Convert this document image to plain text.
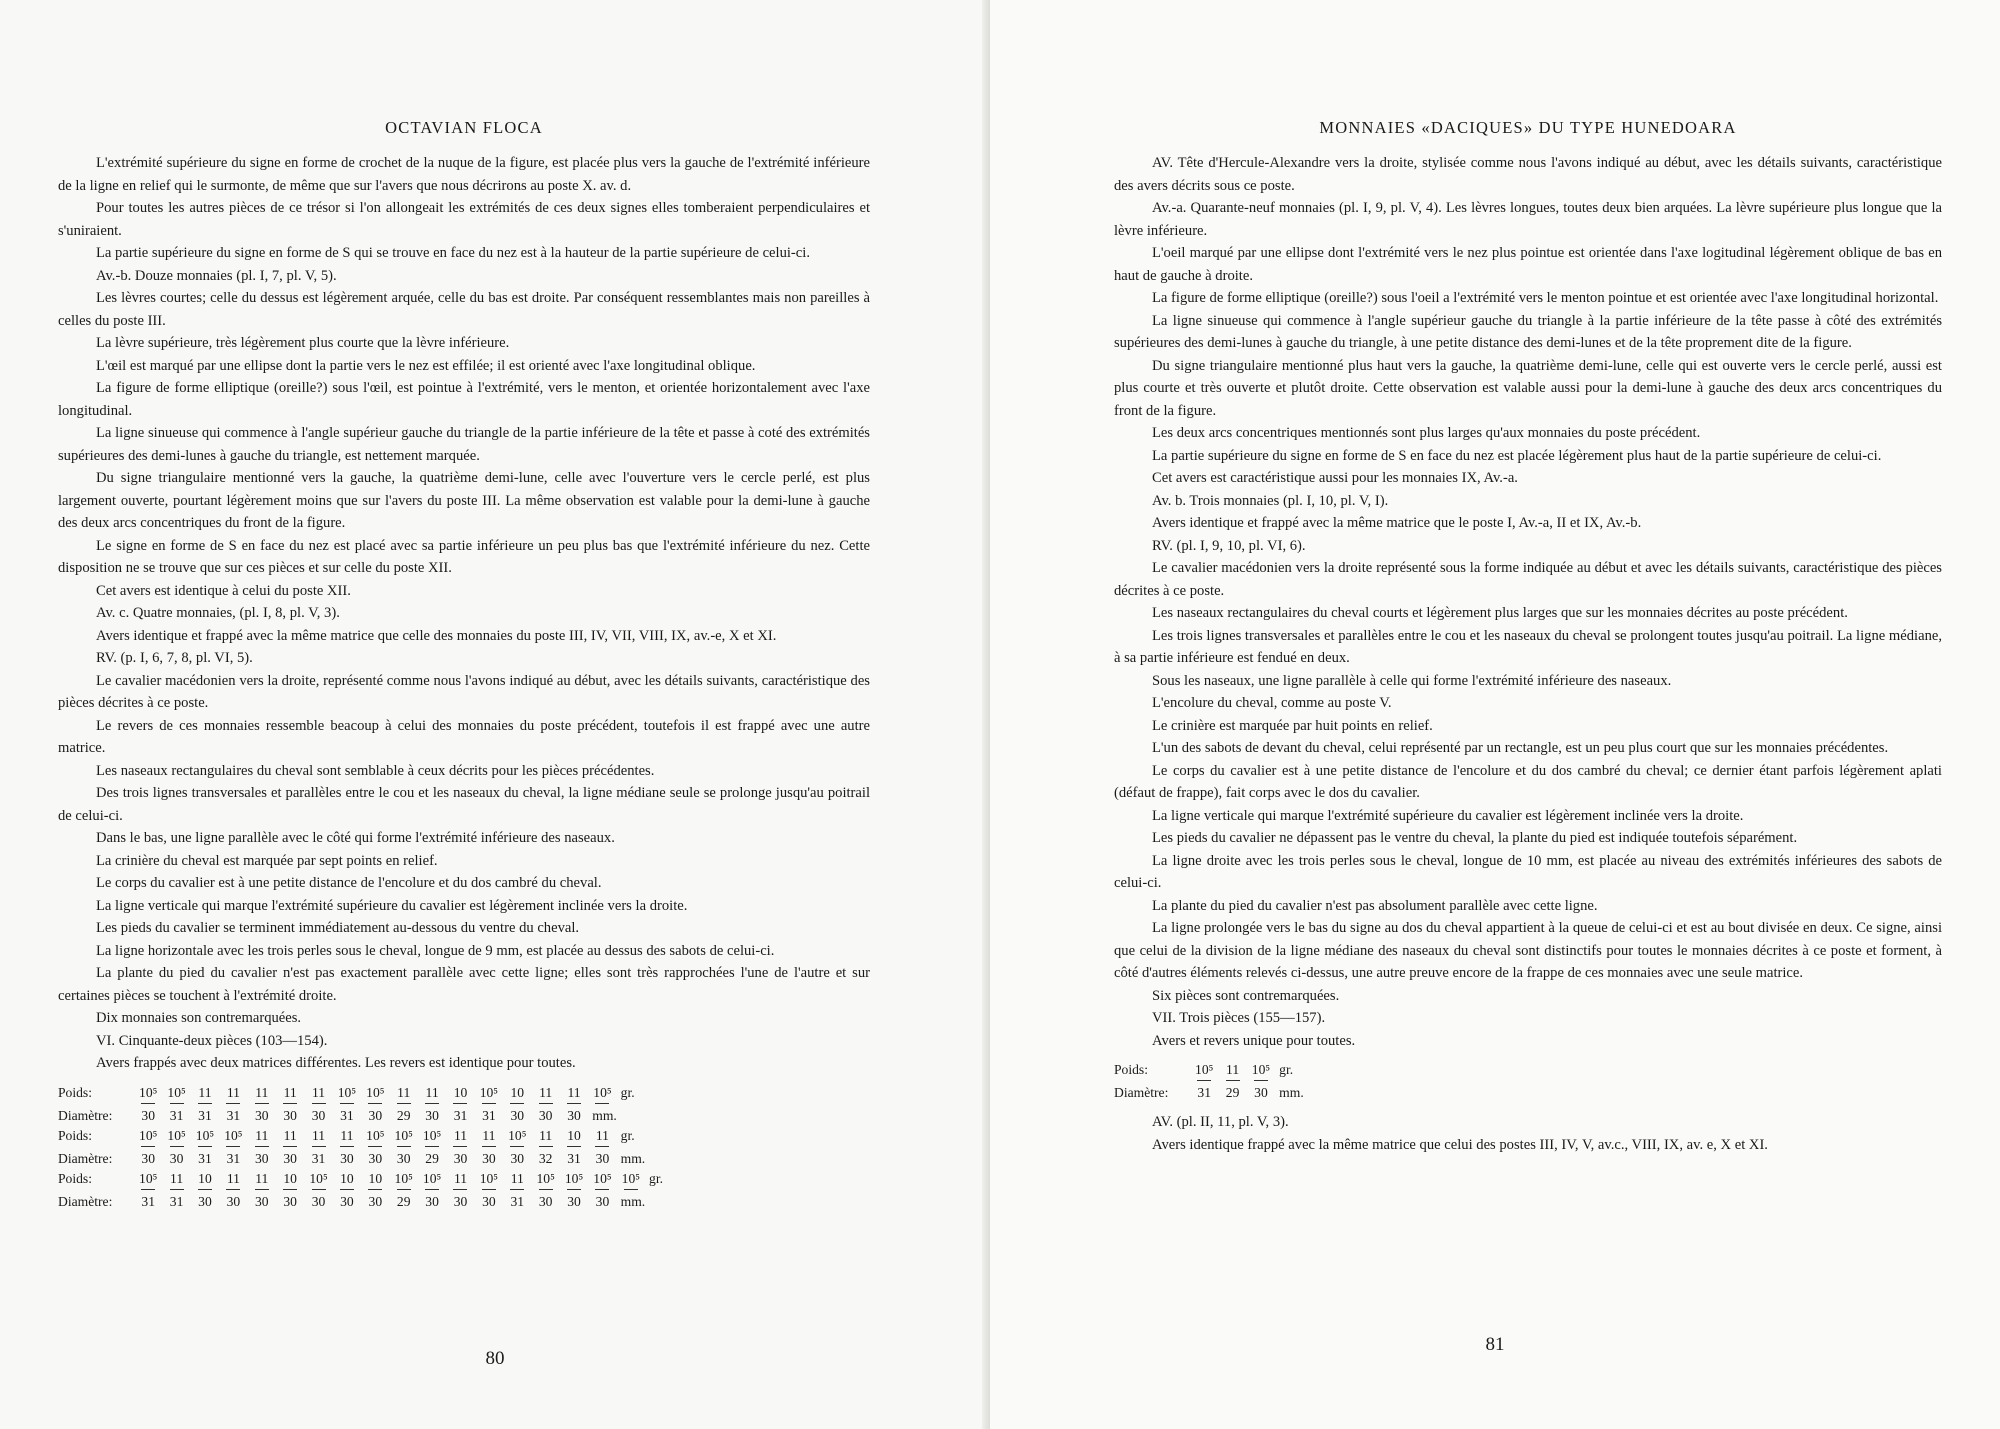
OCTAVIAN FLOCA

L'extrémité supérieure du signe en forme de crochet de la nuque de la figure, est placée plus vers la gauche de l'extrémité inférieure de la ligne en relief qui le surmonte, de même que sur l'avers que nous décrirons au poste X. av. d.

Pour toutes les autres pièces de ce trésor si l'on allongeait les extrémités de ces deux signes elles tomberaient perpendiculaires et s'uniraient.

La partie supérieure du signe en forme de S qui se trouve en face du nez est à la hauteur de la partie supérieure de celui-ci.

Av.-b. Douze monnaies (pl. I, 7, pl. V, 5).

Les lèvres courtes; celle du dessus est légèrement arquée, celle du bas est droite. Par conséquent ressemblantes mais non pareilles à celles du poste III.

La lèvre supérieure, très légèrement plus courte que la lèvre inférieure.

L'œil est marqué par une ellipse dont la partie vers le nez est effilée; il est orienté avec l'axe longitudinal oblique.

La figure de forme elliptique (oreille?) sous l'œil, est pointue à l'extrémité, vers le menton, et orientée horizontalement avec l'axe longitudinal.

La ligne sinueuse qui commence à l'angle supérieur gauche du triangle de la partie inférieure de la tête et passe à coté des extrémités supérieures des demi-lunes à gauche du triangle, est nettement marquée.

Du signe triangulaire mentionné vers la gauche, la quatrième demi-lune, celle avec l'ouverture vers le cercle perlé, est plus largement ouverte, pourtant légèrement moins que sur l'avers du poste III. La même observation est valable pour la demi-lune à gauche des deux arcs concentriques du front de la figure.

Le signe en forme de S en face du nez est placé avec sa partie inférieure un peu plus bas que l'extrémité inférieure du nez. Cette disposition ne se trouve que sur ces pièces et sur celle du poste XII.

Cet avers est identique à celui du poste XII.

Av. c. Quatre monnaies, (pl. I, 8, pl. V, 3).

Avers identique et frappé avec la même matrice que celle des monnaies du poste III, IV, VII, VIII, IX, av.-e, X et XI.

RV. (p. I, 6, 7, 8, pl. VI, 5).

Le cavalier macédonien vers la droite, représenté comme nous l'avons indiqué au début, avec les détails suivants, caractéristique des pièces décrites à ce poste.

Le revers de ces monnaies ressemble beacoup à celui des monnaies du poste précédent, toutefois il est frappé avec une autre matrice.

Les naseaux rectangulaires du cheval sont semblable à ceux décrits pour les pièces précédentes.

Des trois lignes transversales et parallèles entre le cou et les naseaux du cheval, la ligne médiane seule se prolonge jusqu'au poitrail de celui-ci.

Dans le bas, une ligne parallèle avec le côté qui forme l'extrémité inférieure des naseaux.

La crinière du cheval est marquée par sept points en relief.

Le corps du cavalier est à une petite distance de l'encolure et du dos cambré du cheval.

La ligne verticale qui marque l'extrémité supérieure du cavalier est légèrement inclinée vers la droite.

Les pieds du cavalier se terminent immédiatement au-dessous du ventre du cheval.

La ligne horizontale avec les trois perles sous le cheval, longue de 9 mm, est placée au dessus des sabots de celui-ci.

La plante du pied du cavalier n'est pas exactement parallèle avec cette ligne; elles sont très rapprochées l'une de l'autre et sur certaines pièces se touchent à l'extrémité droite.

Dix monnaies son contremarquées.

VI. Cinquante-deux pièces (103—154).

Avers frappés avec deux matrices différentes. Les revers est identique pour toutes.

Poids:	10⁵ 10⁵ 11	11	11	11	11 10⁵ 10⁵ 11	11	10 10⁵ 10	11	11 10⁵ gr.
Diamètre:	30	31	31	31	30	30	30	31	30	29	30	31	31	30	30	30 mm.
Poids:	10⁵ 10⁵ 10⁵ 10⁵ 11	11	11	11 10⁵ 10⁵ 10⁵ 11	11 10⁵ 11	10	11 gr.
Diamètre:	30	30	31	31	30	30	31	30	30	30	29	30	30	30	32	31	30 mm.
Poids:	10⁵ 11	10	11	11	10 10⁵ 10	10 10⁵ 10⁵ 11 10⁵ 11 10⁵ 10⁵ 10⁵ 10⁵ gr.
Diamètre:	31	31	30	30	30	30	30	30	30	29	30	30	30	31	30	30	30 mm.
80
MONNAIES «DACIQUES» DU TYPE HUNEDOARA

AV. Tête d'Hercule-Alexandre vers la droite, stylisée comme nous l'avons indiqué au début, avec les détails suivants, caractéristique des avers décrits sous ce poste.

Av.-a. Quarante-neuf monnaies (pl. I, 9, pl. V, 4). Les lèvres longues, toutes deux bien arquées. La lèvre supérieure plus longue que la lèvre inférieure.

L'oeil marqué par une ellipse dont l'extrémité vers le nez plus pointue est orientée dans l'axe logitudinal légèrement oblique de bas en haut de gauche à droite.

La figure de forme elliptique (oreille?) sous l'oeil a l'extrémité vers le menton pointue et est orientée avec l'axe longitudinal horizontal.

La ligne sinueuse qui commence à l'angle supérieur gauche du triangle à la partie inférieure de la tête passe à côté des extrémités supérieures des demi-lunes à gauche du triangle, à une petite distance des demi-lunes et de la tête proprement dite de la figure.

Du signe triangulaire mentionné plus haut vers la gauche, la quatrième demi-lune, celle qui est ouverte vers le cercle perlé, aussi est plus courte et très ouverte et plutôt droite. Cette observation est valable aussi pour la demi-lune à gauche des deux arcs concentriques du front de la figure.

Les deux arcs concentriques mentionnés sont plus larges qu'aux monnaies du poste précédent.

La partie supérieure du signe en forme de S en face du nez est placée légèrement plus haut de la partie supérieure de celui-ci.

Cet avers est caractéristique aussi pour les monnaies IX, Av.-a.

Av. b. Trois monnaies (pl. I, 10, pl. V, I).

Avers identique et frappé avec la même matrice que le poste I, Av.-a, II et IX, Av.-b.

RV. (pl. I, 9, 10, pl. VI, 6).

Le cavalier macédonien vers la droite représenté sous la forme indiquée au début et avec les détails suivants, caractéristique des pièces décrites à ce poste.

Les naseaux rectangulaires du cheval courts et légèrement plus larges que sur les monnaies décrites au poste précédent.

Les trois lignes transversales et parallèles entre le cou et les naseaux du cheval se prolongent toutes jusqu'au poitrail. La ligne médiane, à sa partie inférieure est fendué en deux.

Sous les naseaux, une ligne parallèle à celle qui forme l'extrémité inférieure des naseaux.

L'encolure du cheval, comme au poste V.

Le crinière est marquée par huit points en relief.

L'un des sabots de devant du cheval, celui représenté par un rectangle, est un peu plus court que sur les monnaies précédentes.

Le corps du cavalier est à une petite distance de l'encolure et du dos cambré du cheval; ce dernier étant parfois légèrement aplati (défaut de frappe), fait corps avec le dos du cavalier.

La ligne verticale qui marque l'extrémité supérieure du cavalier est légèrement inclinée vers la droite.

Les pieds du cavalier ne dépassent pas le ventre du cheval, la plante du pied est indiquée toutefois séparément.

La ligne droite avec les trois perles sous le cheval, longue de 10 mm, est placée au niveau des extrémités inférieures des sabots de celui-ci.

La plante du pied du cavalier n'est pas absolument parallèle avec cette ligne.

La ligne prolongée vers le bas du signe au dos du cheval appartient à la queue de celui-ci et est au bout divisée en deux. Ce signe, ainsi que celui de la division de la ligne médiane des naseaux du cheval sont distinctifs pour toutes le monnaies décrites à ce poste et forment, à côté d'autres éléments relevés ci-dessus, une autre preuve encore de la frappe de ces monnaies avec une seule matrice.

Six pièces sont contremarquées.

VII. Trois pièces (155—157).

Avers et revers unique pour toutes.

Poids:	10⁵ 11 10⁵ gr.
Diamètre:	31	29	30 mm.

AV. (pl. II, 11, pl. V, 3).

Avers identique frappé avec la même matrice que celui des postes III, IV, V, av.c., VIII, IX, av. e, X et XI.

81
